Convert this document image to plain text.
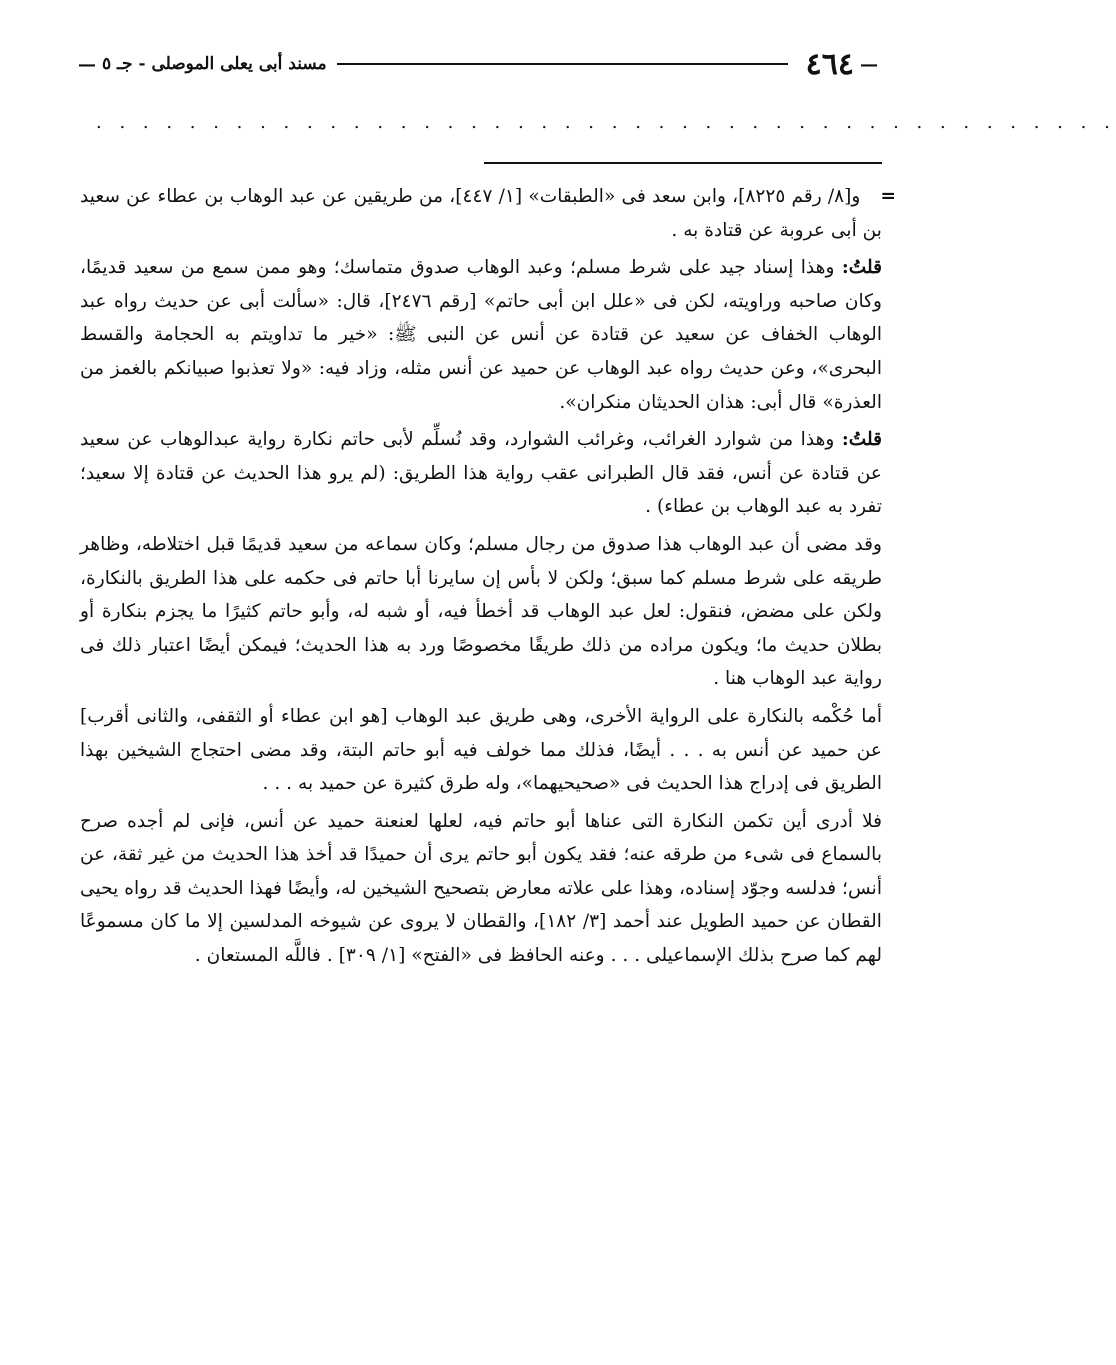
—
٤٦٤
مسند أبى يعلى الموصلى - جـ ٥
—
. . . . . . . . . . . . . . . . . . . . . . . . . . . . . . . . . . . . . . . . . . . .

=و[٨/ رقم ٨٢٢٥]، وابن سعد فى «الطبقات» [١/ ٤٤٧]، من طريقين عن عبد الوهاب بن عطاء عن سعيد بن أبى عروبة عن قتادة به .

قلتُ: وهذا إسناد جيد على شرط مسلم؛ وعبد الوهاب صدوق متماسك؛ وهو ممن سمع من سعيد قديمًا، وكان صاحبه وراويته، لكن فى «علل ابن أبى حاتم» [رقم ٢٤٧٦]، قال: «سألت أبى عن حديث رواه عبد الوهاب الخفاف عن سعيد عن قتادة عن أنس عن النبى ﷺ: «خير ما تداويتم به الحجامة والقسط البحرى»، وعن حديث رواه عبد الوهاب عن حميد عن أنس مثله، وزاد فيه: «ولا تعذبوا صبيانكم بالغمز من العذرة» قال أبى: هذان الحديثان منكران».

قلتُ: وهذا من شوارد الغرائب، وغرائب الشوارد، وقد نُسلِّم لأبى حاتم نكارة رواية عبدالوهاب عن سعيد عن قتادة عن أنس، فقد قال الطبرانى عقب رواية هذا الطريق: (لم يرو هذا الحديث عن قتادة إلا سعيد؛ تفرد به عبد الوهاب بن عطاء) .

وقد مضى أن عبد الوهاب هذا صدوق من رجال مسلم؛ وكان سماعه من سعيد قديمًا قبل اختلاطه، وظاهر طريقه على شرط مسلم كما سبق؛ ولكن لا بأس إن سايرنا أبا حاتم فى حكمه على هذا الطريق بالنكارة، ولكن على مضض، فنقول: لعل عبد الوهاب قد أخطأ فيه، أو شبه له، وأبو حاتم كثيرًا ما يجزم بنكارة أو بطلان حديث ما؛ ويكون مراده من ذلك طريقًا مخصوصًا ورد به هذا الحديث؛ فيمكن أيضًا اعتبار ذلك فى رواية عبد الوهاب هنا .

أما حُكْمه بالنكارة على الرواية الأخرى، وهى طريق عبد الوهاب [هو ابن عطاء أو الثقفى، والثانى أقرب] عن حميد عن أنس به . . . أيضًا، فذلك مما خولف فيه أبو حاتم البتة، وقد مضى احتجاج الشيخين بهذا الطريق فى إدراج هذا الحديث فى «صحيحيهما»، وله طرق كثيرة عن حميد به . . .

فلا أدرى أين تكمن النكارة التى عناها أبو حاتم فيه، لعلها لعنعنة حميد عن أنس، فإنى لم أجده صرح بالسماع فى شىء من طرقه عنه؛ فقد يكون أبو حاتم يرى أن حميدًا قد أخذ هذا الحديث من غير ثقة، عن أنس؛ فدلسه وجوّد إسناده، وهذا على علاته معارض بتصحيح الشيخين له، وأيضًا فهذا الحديث قد رواه يحيى القطان عن حميد الطويل عند أحمد [٣/ ١٨٢]، والقطان لا يروى عن شيوخه المدلسين إلا ما كان مسموعًا لهم كما صرح بذلك الإسماعيلى . . . وعنه الحافظ فى «الفتح» [١/ ٣٠٩] . فاللَّه المستعان .
